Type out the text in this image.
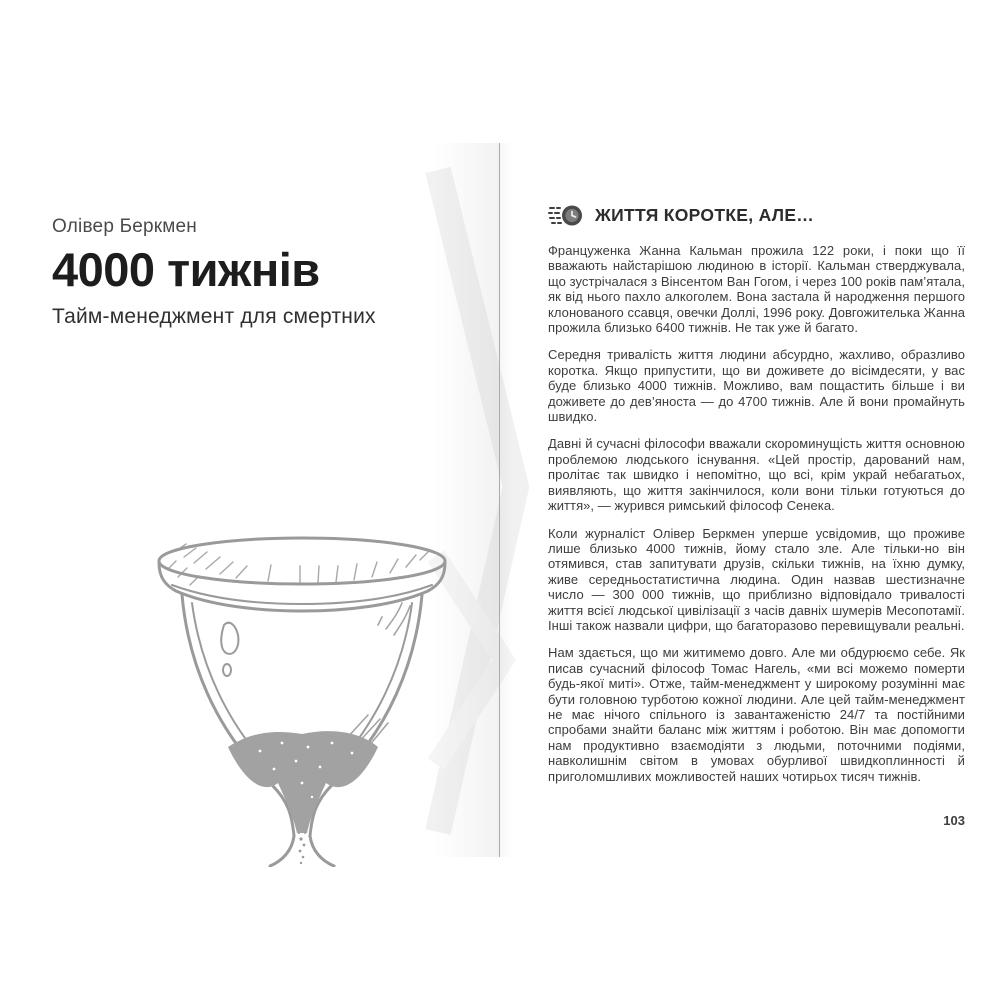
Олівер Беркмен
4000 тижнів
Тайм-менеджмент для смертних
ЖИТТЯ КОРОТКЕ, АЛЕ…

Француженка Жанна Кальман прожила 122 роки, і поки що її вважають найстарішою людиною в історії. Кальман стверджувала, що зустрічалася з Вінсентом Ван Гогом, і через 100 років пам’ятала, як від нього пахло алкоголем. Вона застала й народження першого клонованого ссавця, овечки Доллі, 1996 року. Довгожителька Жанна прожила близько 6400 тижнів. Не так уже й багато.

Середня тривалість життя людини абсурдно, жахливо, образливо коротка. Якщо припустити, що ви доживете до вісімдесяти, у вас буде близько 4000 тижнів. Можливо, вам пощастить більше і ви доживете до дев’яноста — до 4700 тижнів. Але й вони промайнуть швидко.

Давні й сучасні філософи вважали скороминущість життя основною проблемою людського існування. «Цей простір, дарований нам, пролітає так швидко і непомітно, що всі, крім украй небагатьох, виявляють, що життя закінчилося, коли вони тільки готуються до життя», — журився римський філософ Сенека.

Коли журналіст Олівер Беркмен уперше усвідомив, що проживе лише близько 4000 тижнів, йому стало зле. Але тільки-но він отямився, став запитувати друзів, скільки тижнів, на їхню думку, живе середньостатистична людина. Один назвав шестизначне число — 300 000 тижнів, що приблизно відповідало тривалості життя всієї людської цивілізації з часів давніх шумерів Месопотамії. Інші також назвали цифри, що багаторазово перевищували реальні.

Нам здається, що ми житимемо довго. Але ми обдурюємо себе. Як писав сучасний філософ Томас Нагель, «ми всі можемо померти будь-якої миті». Отже, тайм-менеджмент у широкому розумінні має бути головною турботою кожної людини. Але цей тайм-менеджмент не має нічого спільного із завантаженістю 24/7 та постійними спробами знайти баланс між життям і роботою. Він має допомогти нам продуктивно взаємодіяти з людьми, поточними подіями, навколишнім світом в умовах обурливої швидкоплинності й приголомшливих можливостей наших чотирьох тисяч тижнів.

103
